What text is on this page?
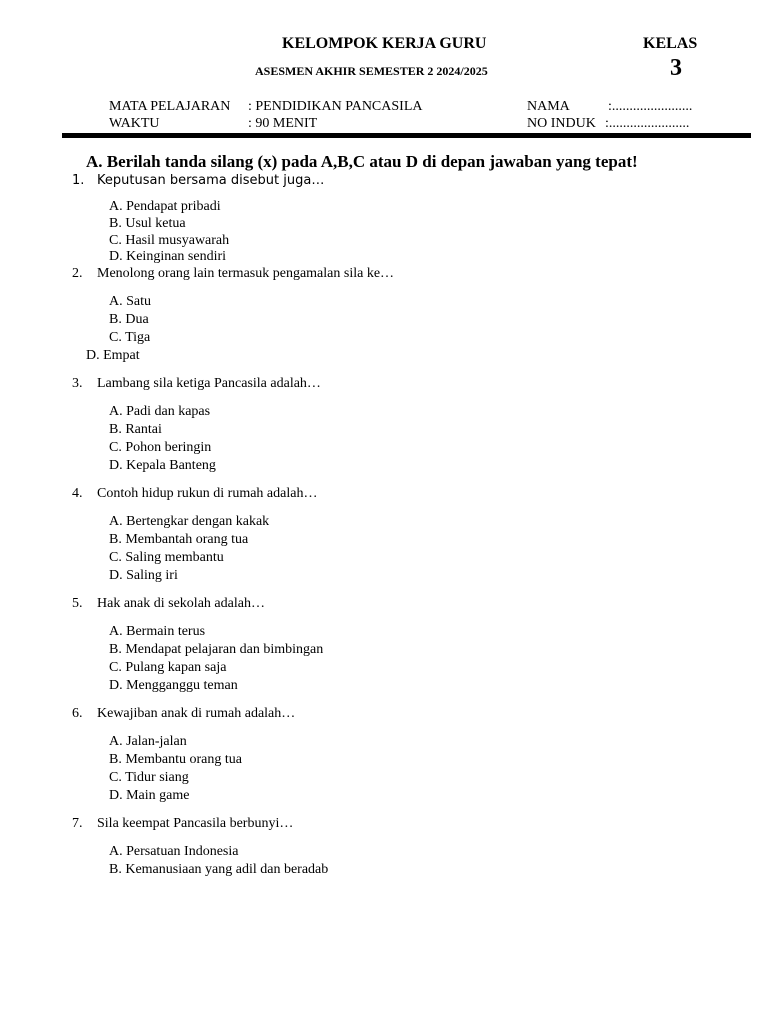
KELOMPOK KERJA GURU	KELAS
ASESMEN AKHIR SEMESTER 2 2024/2025	3
MATA PELAJARAN : PENDIDIKAN PANCASILA
WAKTU	: 90 MENIT
NAMA	:.......................
NO INDUK :.......................
A. Berilah tanda silang (x) pada A,B,C atau D di depan jawaban yang tepat!
1. Keputusan bersama disebut juga…
A. Pendapat pribadi
B. Usul ketua
C. Hasil musyawarah
D. Keinginan sendiri
2. Menolong orang lain termasuk pengamalan sila ke…
A. Satu
B. Dua
C. Tiga
D. Empat
3. Lambang sila ketiga Pancasila adalah…
A. Padi dan kapas
B. Rantai
C. Pohon beringin
D. Kepala Banteng
4. Contoh hidup rukun di rumah adalah…
A. Bertengkar dengan kakak
B. Membantah orang tua
C. Saling membantu
D. Saling iri
5. Hak anak di sekolah adalah…
A. Bermain terus
B. Mendapat pelajaran dan bimbingan
C. Pulang kapan saja
D. Mengganggu teman
6. Kewajiban anak di rumah adalah…
A. Jalan-jalan
B. Membantu orang tua
C. Tidur siang
D. Main game
7. Sila keempat Pancasila berbunyi…
A. Persatuan Indonesia
B. Kemanusiaan yang adil dan beradab
